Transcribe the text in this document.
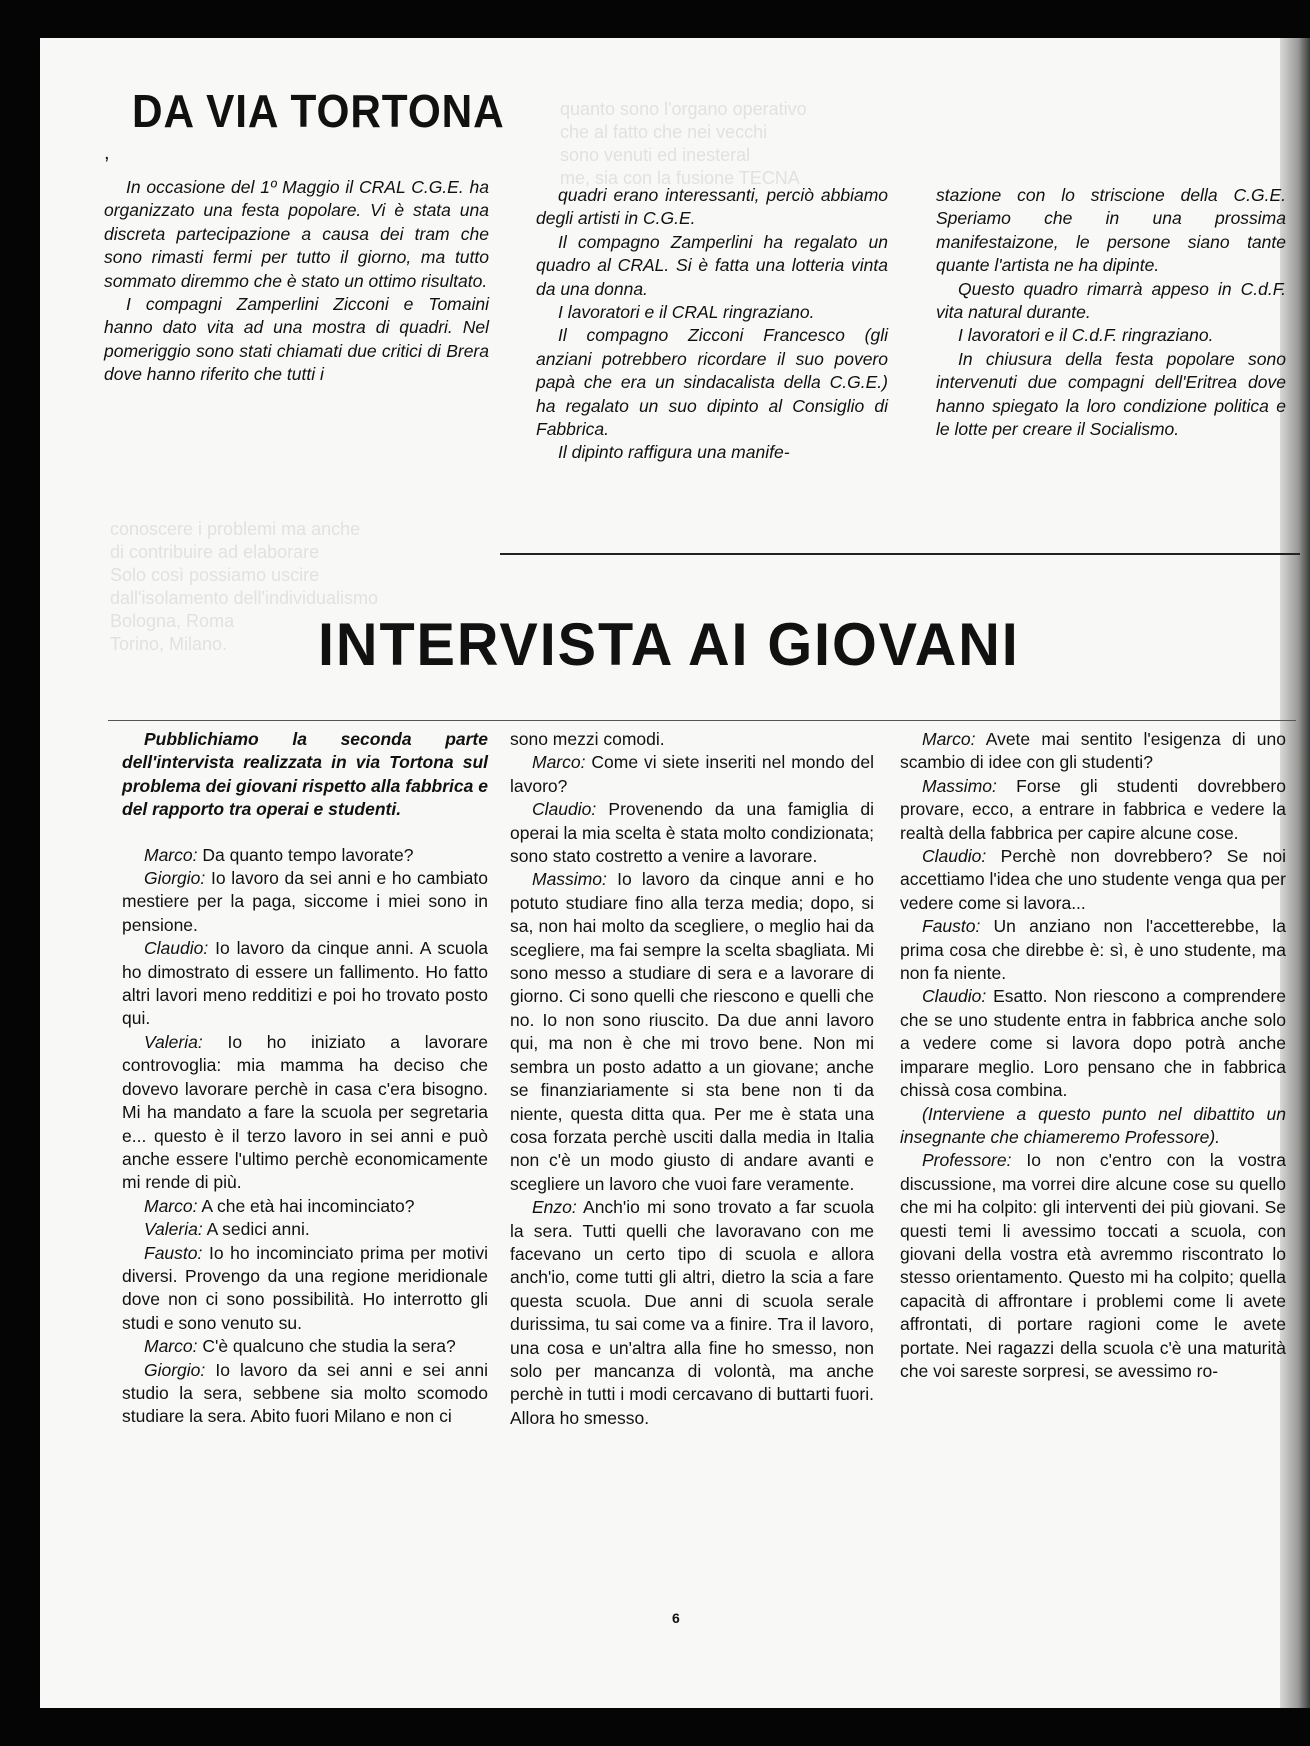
quanto sono l'organo operativo
che al fatto che nei vecchi
sono venuti ed inesteral
me, sia con la fusione TECNA
conoscere i problemi ma anche
di contribuire ad elaborare
Solo così possiamo uscire
dall'isolamento dell'individualismo
Bologna, Roma
Torino, Milano.
,
DA VIA TORTONA

In occasione del 1º Maggio il CRAL C.G.E. ha organizzato una festa popolare. Vi è stata una discreta partecipazione a causa dei tram che sono rimasti fermi per tutto il giorno, ma tutto sommato diremmo che è stato un ottimo risultato.

I compagni Zamperlini Zicconi e Tomaini hanno dato vita ad una mostra di quadri. Nel pomeriggio sono stati chiamati due critici di Brera dove hanno riferito che tutti i

quadri erano interessanti, perciò abbiamo degli artisti in C.G.E.

Il compagno Zamperlini ha regalato un quadro al CRAL. Si è fatta una lotteria vinta da una donna.

I lavoratori e il CRAL ringraziano.

Il compagno Zicconi Francesco (gli anziani potrebbero ricordare il suo povero papà che era un sindacalista della C.G.E.) ha regalato un suo dipinto al Consiglio di Fabbrica.

Il dipinto raffigura una manife-

stazione con lo striscione della C.G.E. Speriamo che in una prossima manifestaizone, le persone siano tante quante l'artista ne ha dipinte.

Questo quadro rimarrà appeso in C.d.F. vita natural durante.

I lavoratori e il C.d.F. ringraziano.

In chiusura della festa popolare sono intervenuti due compagni dell'Eritrea dove hanno spiegato la loro condizione politica e le lotte per creare il Socialismo.

INTERVISTA AI GIOVANI

Pubblichiamo la seconda parte dell'intervista realizzata in via Tortona sul problema dei giovani rispetto alla fabbrica e del rapporto tra operai e studenti.

Marco: Da quanto tempo lavorate?

Giorgio: Io lavoro da sei anni e ho cambiato mestiere per la paga, siccome i miei sono in pensione.

Claudio: Io lavoro da cinque anni. A scuola ho dimostrato di essere un fallimento. Ho fatto altri lavori meno redditizi e poi ho trovato posto qui.

Valeria: Io ho iniziato a lavorare controvoglia: mia mamma ha deciso che dovevo lavorare perchè in casa c'era bisogno. Mi ha mandato a fare la scuola per segretaria e... questo è il terzo lavoro in sei anni e può anche essere l'ultimo perchè economicamente mi rende di più.

Marco: A che età hai incominciato?

Valeria: A sedici anni.

Fausto: Io ho incominciato prima per motivi diversi. Provengo da una regione meridionale dove non ci sono possibilità. Ho interrotto gli studi e sono venuto su.

Marco: C'è qualcuno che studia la sera?

Giorgio: Io lavoro da sei anni e sei anni studio la sera, sebbene sia molto scomodo studiare la sera. Abito fuori Milano e non ci

sono mezzi comodi.

Marco: Come vi siete inseriti nel mondo del lavoro?

Claudio: Provenendo da una famiglia di operai la mia scelta è stata molto condizionata; sono stato costretto a venire a lavorare.

Massimo: Io lavoro da cinque anni e ho potuto studiare fino alla terza media; dopo, si sa, non hai molto da scegliere, o meglio hai da scegliere, ma fai sempre la scelta sbagliata. Mi sono messo a studiare di sera e a lavorare di giorno. Ci sono quelli che riescono e quelli che no. Io non sono riuscito. Da due anni lavoro qui, ma non è che mi trovo bene. Non mi sembra un posto adatto a un giovane; anche se finanziariamente si sta bene non ti da niente, questa ditta qua. Per me è stata una cosa forzata perchè usciti dalla media in Italia non c'è un modo giusto di andare avanti e scegliere un lavoro che vuoi fare veramente.

Enzo: Anch'io mi sono trovato a far scuola la sera. Tutti quelli che lavoravano con me facevano un certo tipo di scuola e allora anch'io, come tutti gli altri, dietro la scia a fare questa scuola. Due anni di scuola serale durissima, tu sai come va a finire. Tra il lavoro, una cosa e un'altra alla fine ho smesso, non solo per mancanza di volontà, ma anche perchè in tutti i modi cercavano di buttarti fuori. Allora ho smesso.

Marco: Avete mai sentito l'esigenza di uno scambio di idee con gli studenti?

Massimo: Forse gli studenti dovrebbero provare, ecco, a entrare in fabbrica e vedere la realtà della fabbrica per capire alcune cose.

Claudio: Perchè non dovrebbero? Se noi accettiamo l'idea che uno studente venga qua per vedere come si lavora...

Fausto: Un anziano non l'accetterebbe, la prima cosa che direbbe è: sì, è uno studente, ma non fa niente.

Claudio: Esatto. Non riescono a comprendere che se uno studente entra in fabbrica anche solo a vedere come si lavora dopo potrà anche imparare meglio. Loro pensano che in fabbrica chissà cosa combina.

(Interviene a questo punto nel dibattito un insegnante che chiameremo Professore).

Professore: Io non c'entro con la vostra discussione, ma vorrei dire alcune cose su quello che mi ha colpito: gli interventi dei più giovani. Se questi temi li avessimo toccati a scuola, con giovani della vostra età avremmo riscontrato lo stesso orientamento. Questo mi ha colpito; quella capacità di affrontare i problemi come li avete affrontati, di portare ragioni come le avete portate. Nei ragazzi della scuola c'è una maturità che voi sareste sorpresi, se avessimo ro-

6
